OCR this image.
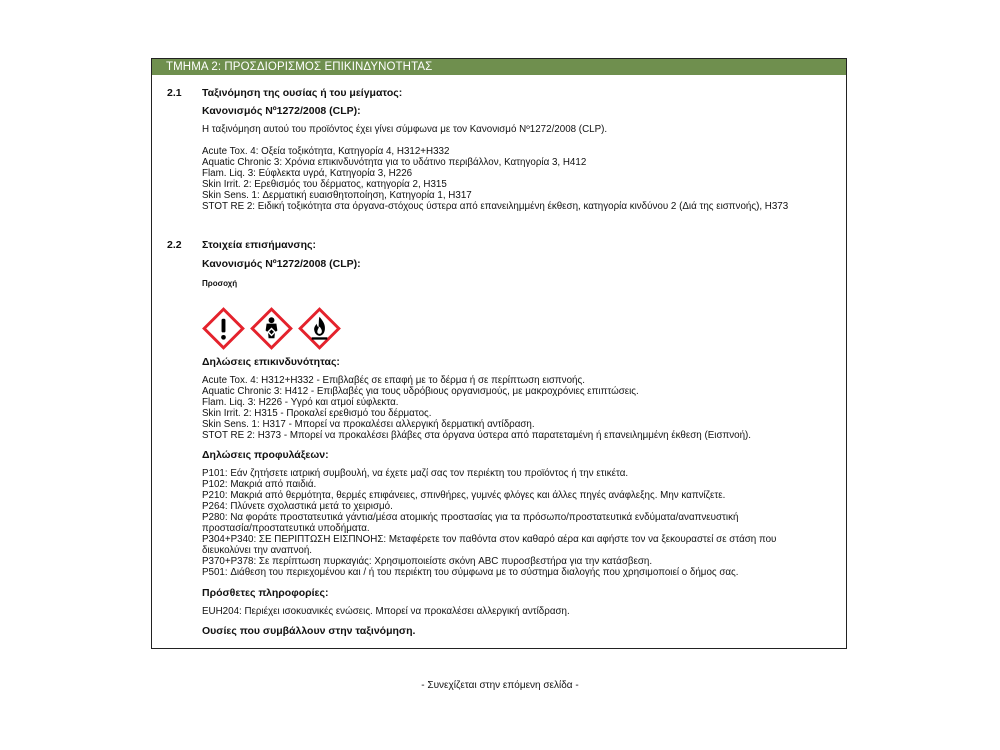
ΤΜΗΜΑ 2: ΠΡΟΣΔΙΟΡΙΣΜΟΣ ΕΠΙΚΙΝΔΥΝΟΤΗΤΑΣ
2.1 Ταξινόμηση της ουσίας ή του μείγματος:
Κανονισμός Nº1272/2008 (CLP):
Η ταξινόμηση αυτού του προϊόντος έχει γίνει σύμφωνα με τον Κανονισμό Nº1272/2008 (CLP).
Acute Tox. 4: Οξεία τοξικότητα, Κατηγορία 4, H312+H332
Aquatic Chronic 3: Χρόνια επικινδυνότητα για το υδάτινο περιβάλλον, Κατηγορία 3, H412
Flam. Liq. 3: Εύφλεκτα υγρά, Κατηγορία 3, H226
Skin Irrit. 2: Ερεθισμός του δέρματος, κατηγορία 2, H315
Skin Sens. 1: Δερματική ευαισθητοποίηση, Κατηγορία 1, H317
STOT RE 2: Ειδική τοξικότητα στα όργανα-στόχους ύστερα από επανειλημμένη έκθεση, κατηγορία κινδύνου 2 (Διά της εισπνοής), H373
2.2 Στοιχεία επισήμανσης:
Κανονισμός Nº1272/2008 (CLP):
Προσοχή
Δηλώσεις επικινδυνότητας:
Acute Tox. 4: H312+H332 - Επιβλαβές σε επαφή με το δέρμα ή σε περίπτωση εισπνοής.
Aquatic Chronic 3: H412 - Επιβλαβές για τους υδρόβιους οργανισμούς, με μακροχρόνιες επιπτώσεις.
Flam. Liq. 3: H226 - Υγρό και ατμοί εύφλεκτα.
Skin Irrit. 2: H315 - Προκαλεί ερεθισμό του δέρματος.
Skin Sens. 1: H317 - Μπορεί να προκαλέσει αλλεργική δερματική αντίδραση.
STOT RE 2: H373 - Μπορεί να προκαλέσει βλάβες στα όργανα ύστερα από παρατεταμένη ή επανειλημμένη έκθεση (Εισπνοή).
Δηλώσεις προφυλάξεων:
P101: Εάν ζητήσετε ιατρική συμβουλή, να έχετε μαζί σας τον περιέκτη του προϊόντος ή την ετικέτα.
P102: Μακριά από παιδιά.
P210: Μακριά από θερμότητα, θερμές επιφάνειες, σπινθήρες, γυμνές φλόγες και άλλες πηγές ανάφλεξης. Μην καπνίζετε.
P264: Πλύνετε σχολαστικά μετά το χειρισμό.
P280: Να φοράτε προστατευτικά γάντια/μέσα ατομικής προστασίας για τα πρόσωπο/προστατευτικά ενδύματα/αναπνευστική
προστασία/προστατευτικά υποδήματα.
P304+P340: ΣΕ ΠΕΡΙΠΤΩΣΗ ΕΙΣΠΝΟΗΣ: Μεταφέρετε τον παθόντα στον καθαρό αέρα και αφήστε τον να ξεκουραστεί σε στάση που
διευκολύνει την αναπνοή.
P370+P378: Σε περίπτωση πυρκαγιάς: Χρησιμοποιείστε σκόνη ABC πυροσβεστήρα για την κατάσβεση.
P501: Διάθεση του περιεχομένου και / ή του περιέκτη του σύμφωνα με το σύστημα διαλογής που χρησιμοποιεί ο δήμος σας.
Πρόσθετες πληροφορίες:
EUH204: Περιέχει ισοκυανικές ενώσεις. Μπορεί να προκαλέσει αλλεργική αντίδραση.
Ουσίες που συμβάλλουν στην ταξινόμηση.
- Συνεχίζεται στην επόμενη σελίδα -
